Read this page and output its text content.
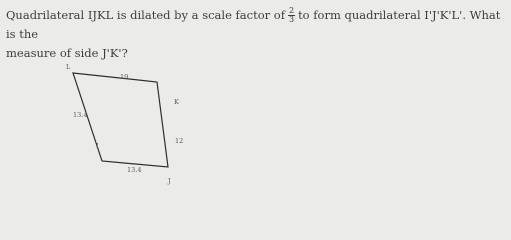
Quadrilateral IJKL is dilated by a scale factor of $\frac{2}{3}$ to form quadrilateral I'J'K'L'. What is the
measure of side J'K'?
L
K
I
J
19
13.4
12
13.4
